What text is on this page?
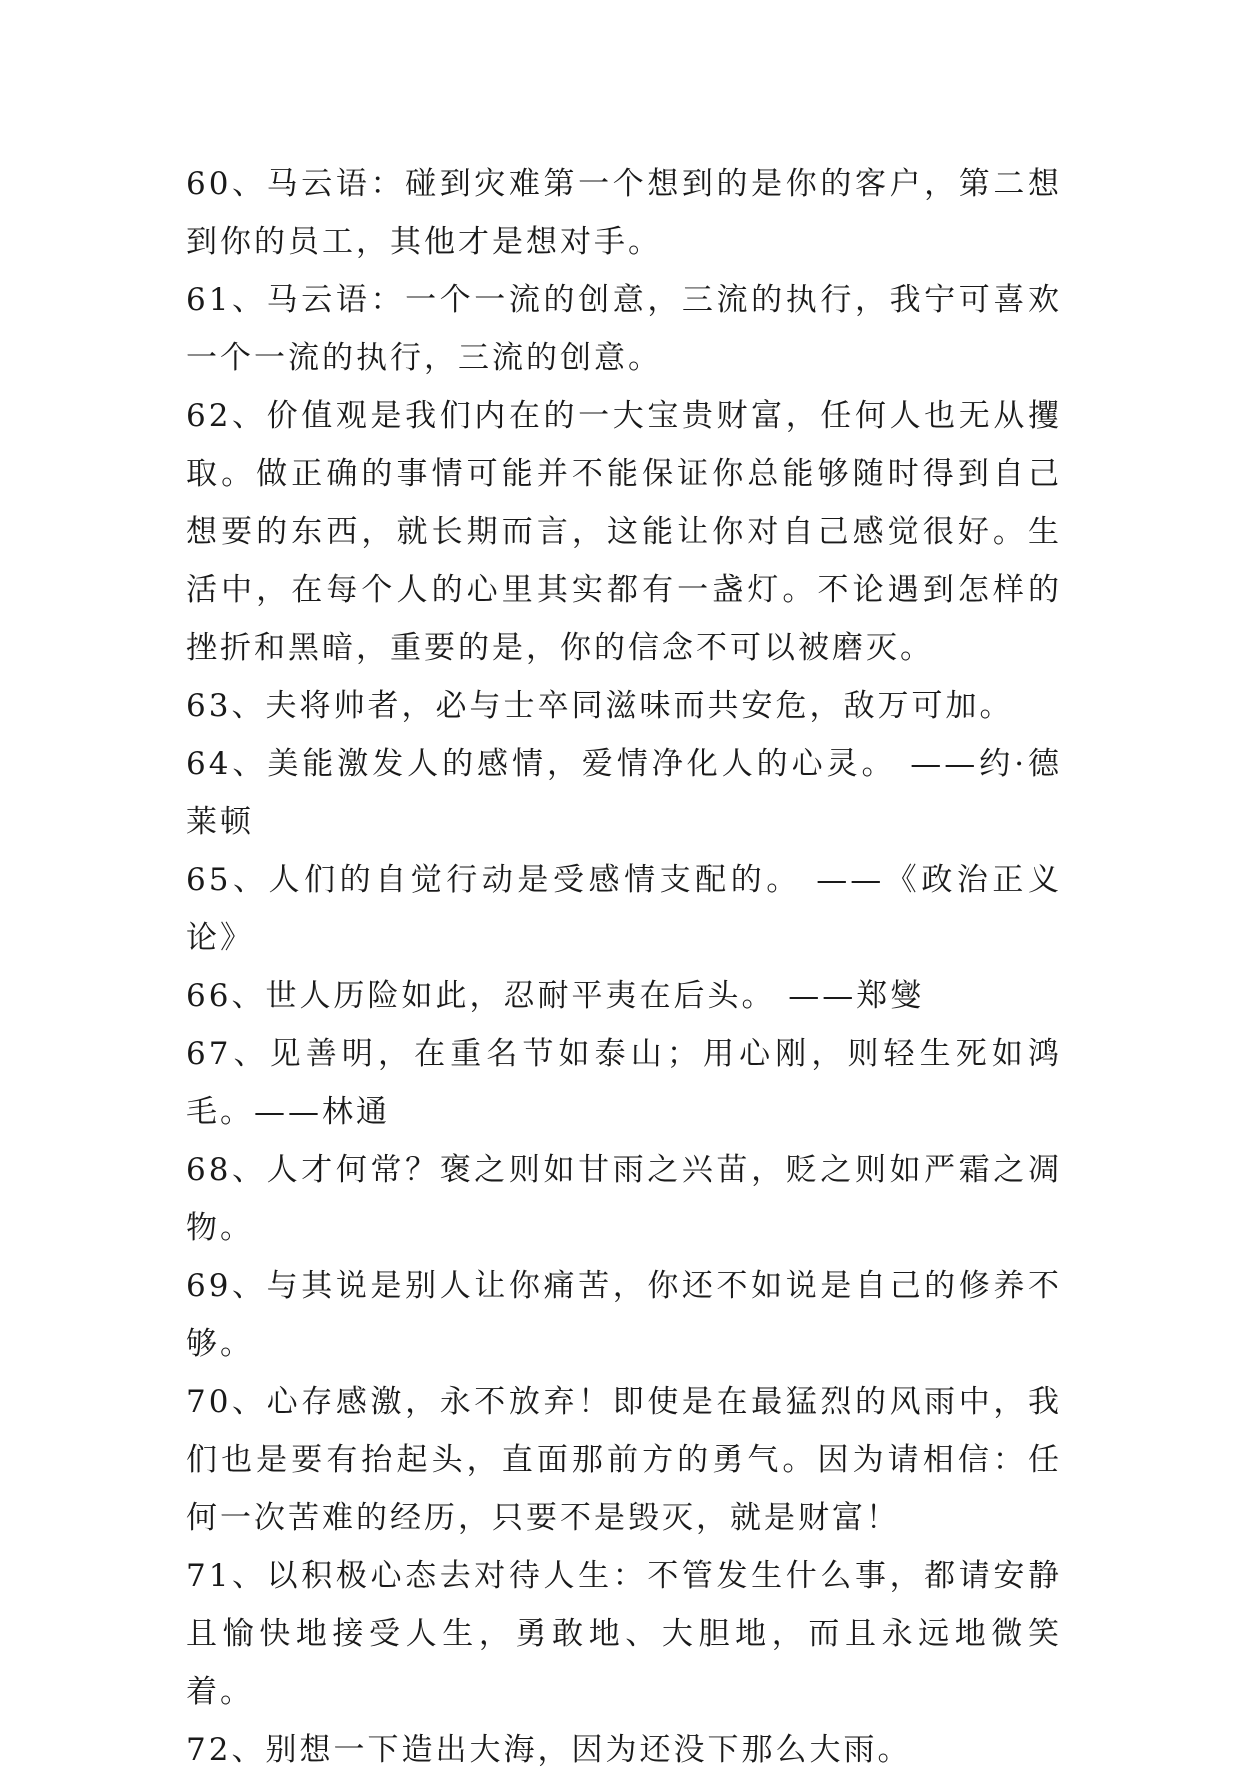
60、马云语：碰到灾难第一个想到的是你的客户，第二想到你的员工，其他才是想对手。

61、马云语：一个一流的创意，三流的执行，我宁可喜欢一个一流的执行，三流的创意。

62、价值观是我们内在的一大宝贵财富，任何人也无从攫取。做正确的事情可能并不能保证你总能够随时得到自己想要的东西，就长期而言，这能让你对自己感觉很好。生活中，在每个人的心里其实都有一盏灯。不论遇到怎样的挫折和黑暗，重要的是，你的信念不可以被磨灭。

63、夫将帅者，必与士卒同滋味而共安危，敌万可加。

64、美能激发人的感情，爱情净化人的心灵。 ——约·德莱顿

65、人们的自觉行动是受感情支配的。 ——《政治正义论》

66、世人历险如此，忍耐平夷在后头。 ——郑燮

67、见善明，在重名节如泰山；用心刚，则轻生死如鸿毛。——林通

68、人才何常？褒之则如甘雨之兴苗，贬之则如严霜之凋物。

69、与其说是别人让你痛苦，你还不如说是自己的修养不够。

70、心存感激，永不放弃！即使是在最猛烈的风雨中，我们也是要有抬起头，直面那前方的勇气。因为请相信：任何一次苦难的经历，只要不是毁灭，就是财富！

71、以积极心态去对待人生：不管发生什么事，都请安静且愉快地接受人生，勇敢地、大胆地，而且永远地微笑着。

72、别想一下造出大海，因为还没下那么大雨。
